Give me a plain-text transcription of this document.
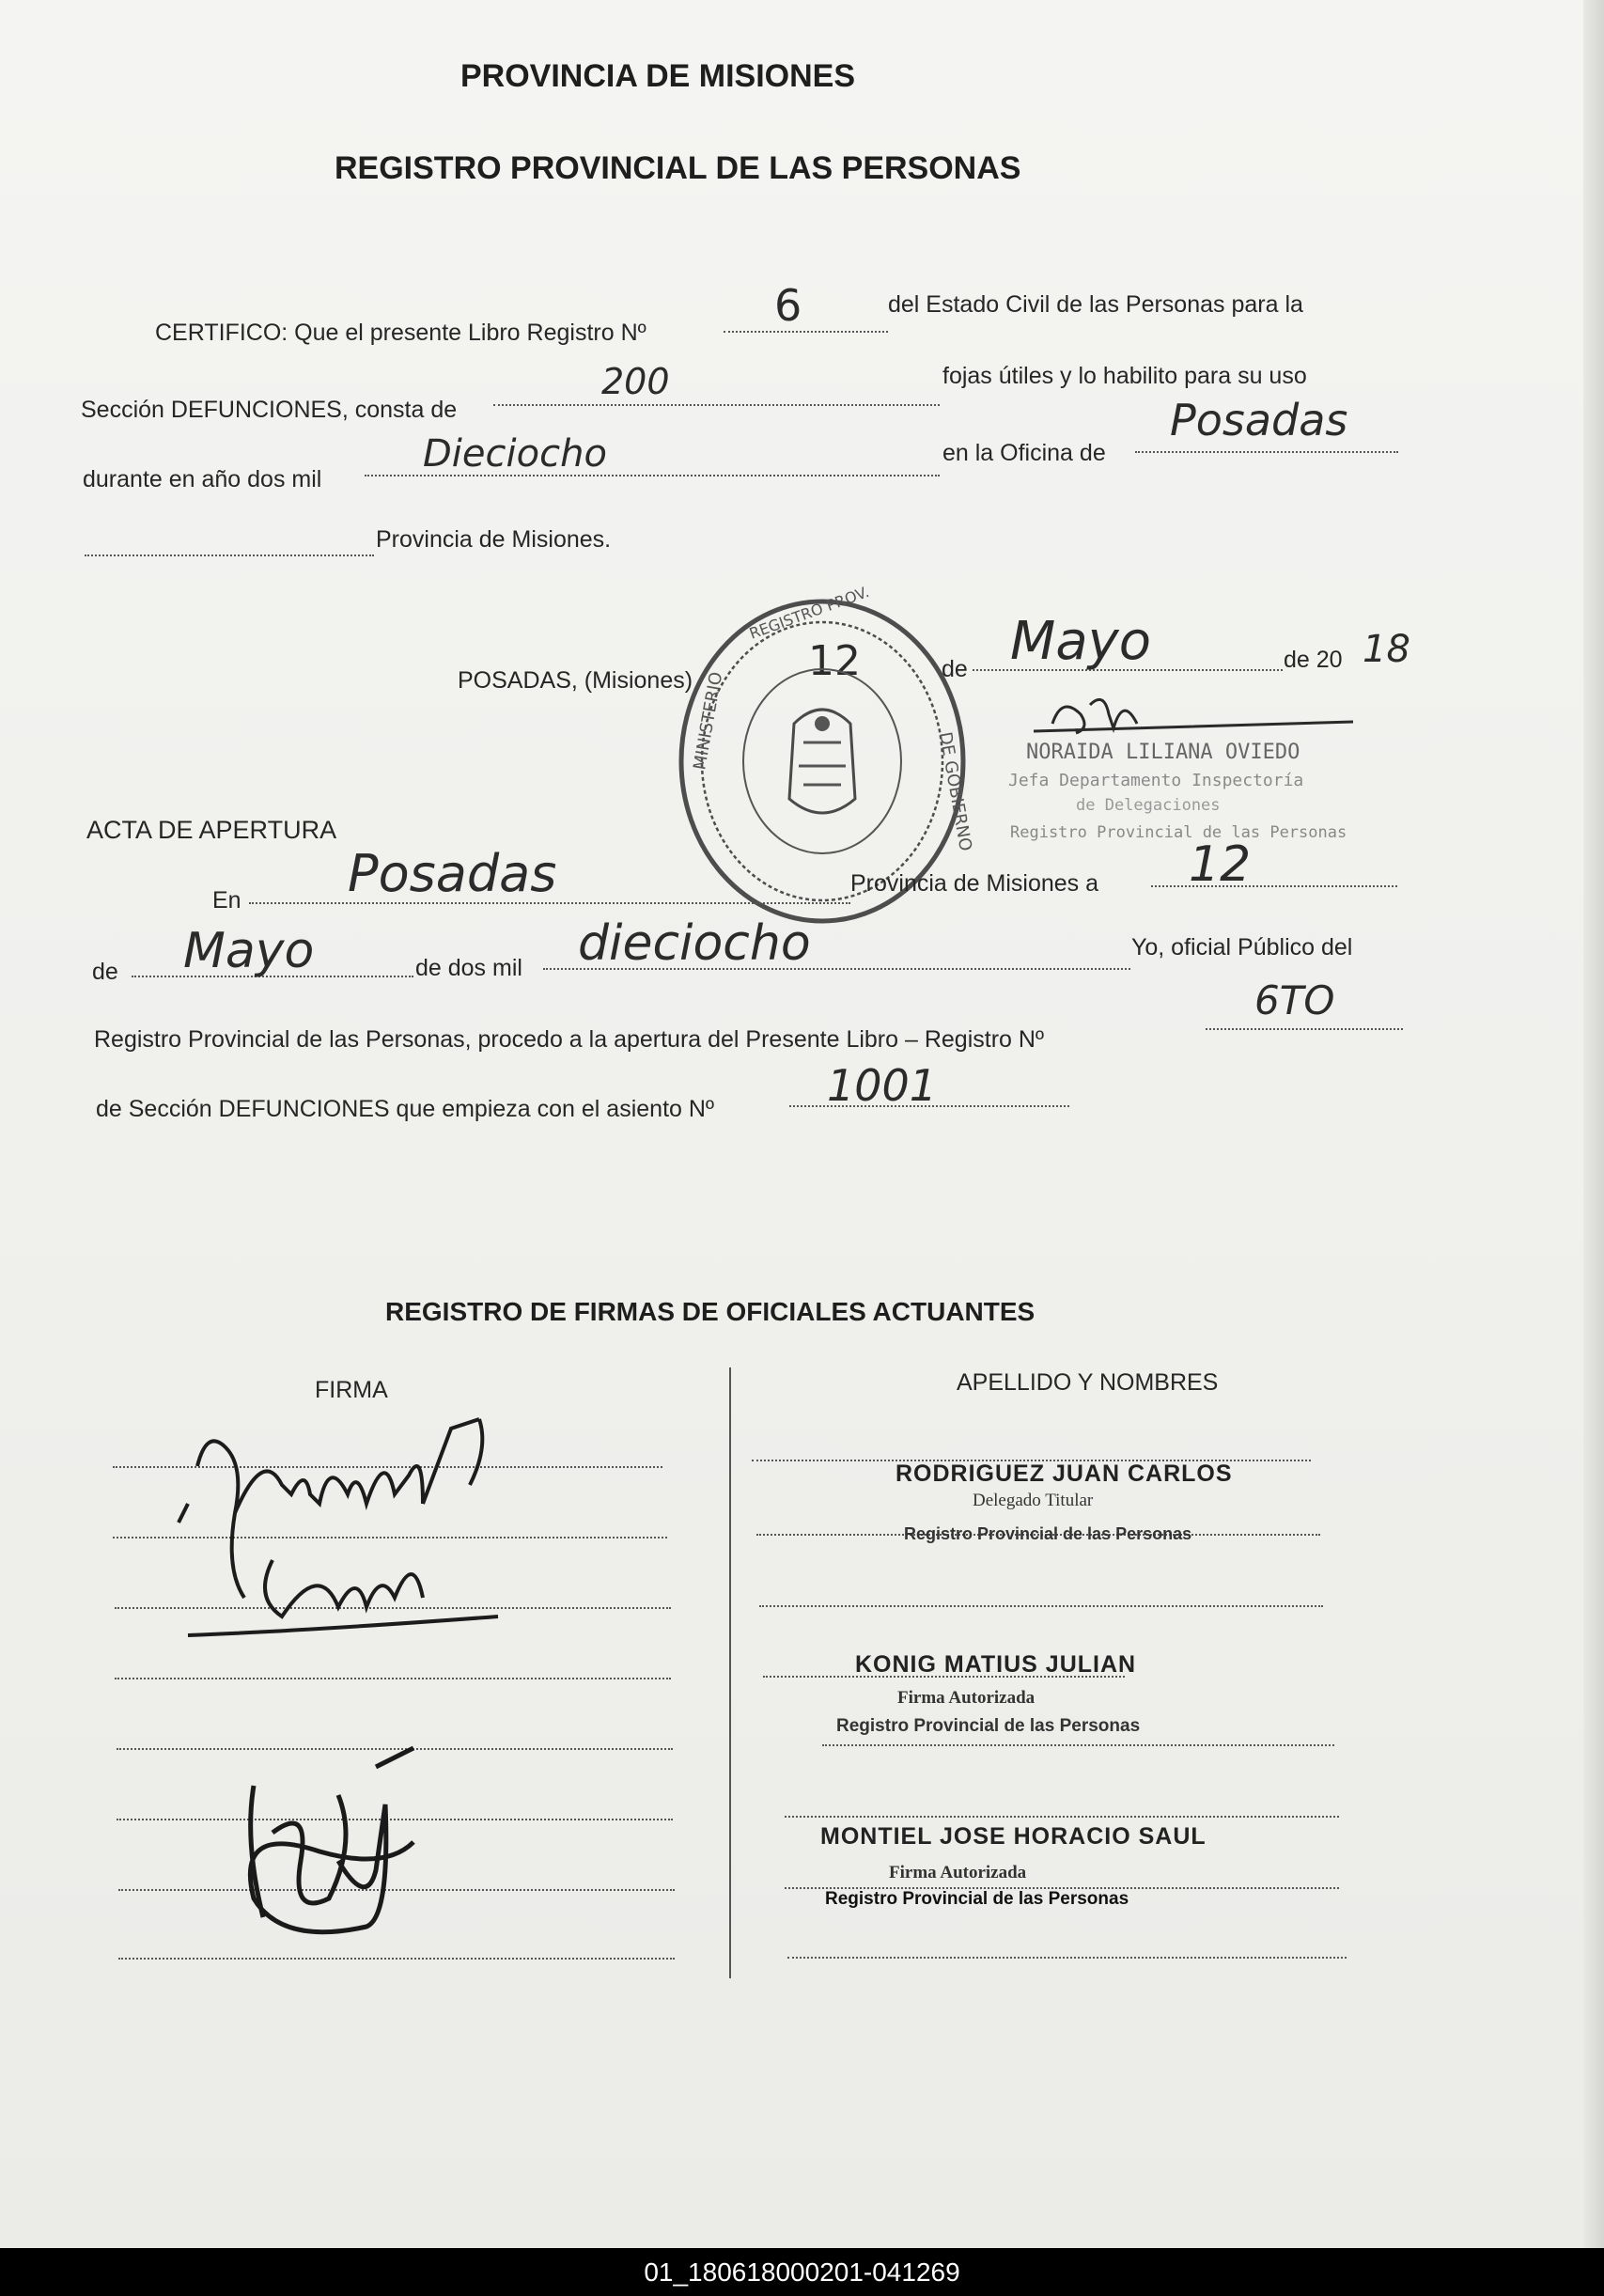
PROVINCIA DE MISIONES
REGISTRO PROVINCIAL DE LAS PERSONAS
CERTIFICO: Que el presente Libro Registro Nº
6	del Estado Civil de las Personas para la
Sección DEFUNCIONES, consta de
200	fojas útiles y lo habilito para su uso
durante en año dos mil
Dieciocho	en la Oficina de
Posadas
Provincia de Misiones.
POSADAS, (Misiones)	12	de Mayo	de 20 18
MINISTERIO
DE GOBIERNO
REGISTRO PROV.
NORAIDA LILIANA OVIEDO
Jefa Departamento Inspectoría
de Delegaciones
Registro Provincial de las Personas
ACTA DE APERTURA
En Posadas	Provincia de Misiones a 12
de Mayo	de dos mil dieciocho	Yo, oficial Público del
Registro Provincial de las Personas, procedo a la apertura del Presente Libro – Registro Nº
6TO
de Sección DEFUNCIONES que empieza con el asiento Nº	1001
REGISTRO DE FIRMAS DE OFICIALES ACTUANTES
FIRMA	APELLIDO Y NOMBRES
RODRIGUEZ JUAN CARLOS
Delegado Titular
Registro Provincial de las Personas
KONIG MATIUS JULIAN
Firma Autorizada
Registro Provincial de las Personas
MONTIEL JOSE HORACIO SAUL
Firma Autorizada
Registro Provincial de las Personas
01_180618000201-041269
